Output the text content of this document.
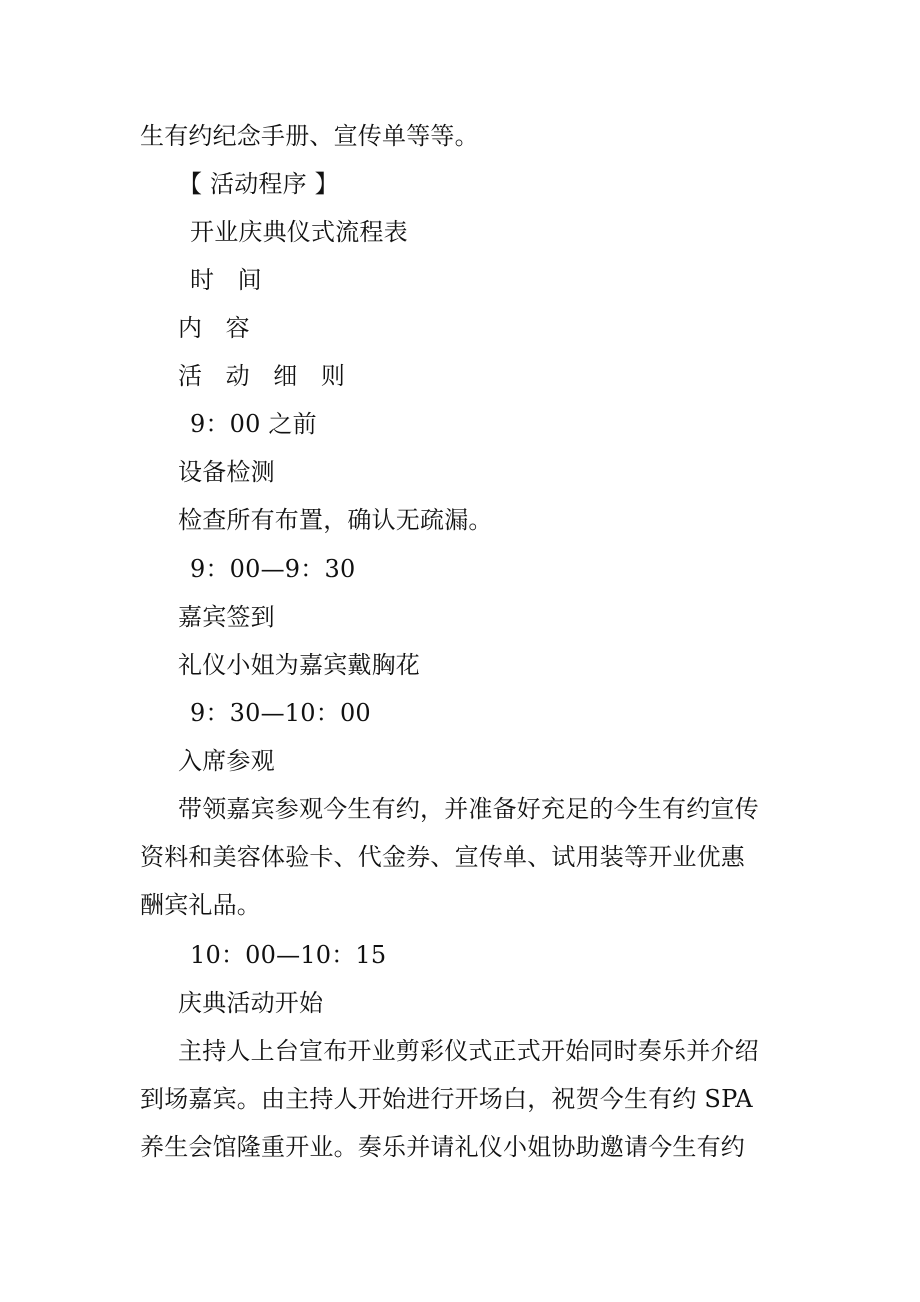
生有约纪念手册、宣传单等等。
【 活动程序 】
开业庆典仪式流程表
时 间
内 容
活 动 细 则
9：00 之前
设备检测
检查所有布置，确认无疏漏。
9：00—9：30
嘉宾签到
礼仪小姐为嘉宾戴胸花
9：30—10：00
入席参观
带领嘉宾参观今生有约，并准备好充足的今生有约宣传
资料和美容体验卡、代金券、宣传单、试用装等开业优惠
酬宾礼品。
10：00—10：15
庆典活动开始
主持人上台宣布开业剪彩仪式正式开始同时奏乐并介绍
到场嘉宾。由主持人开始进行开场白，祝贺今生有约 SPA
养生会馆隆重开业。奏乐并请礼仪小姐协助邀请今生有约
